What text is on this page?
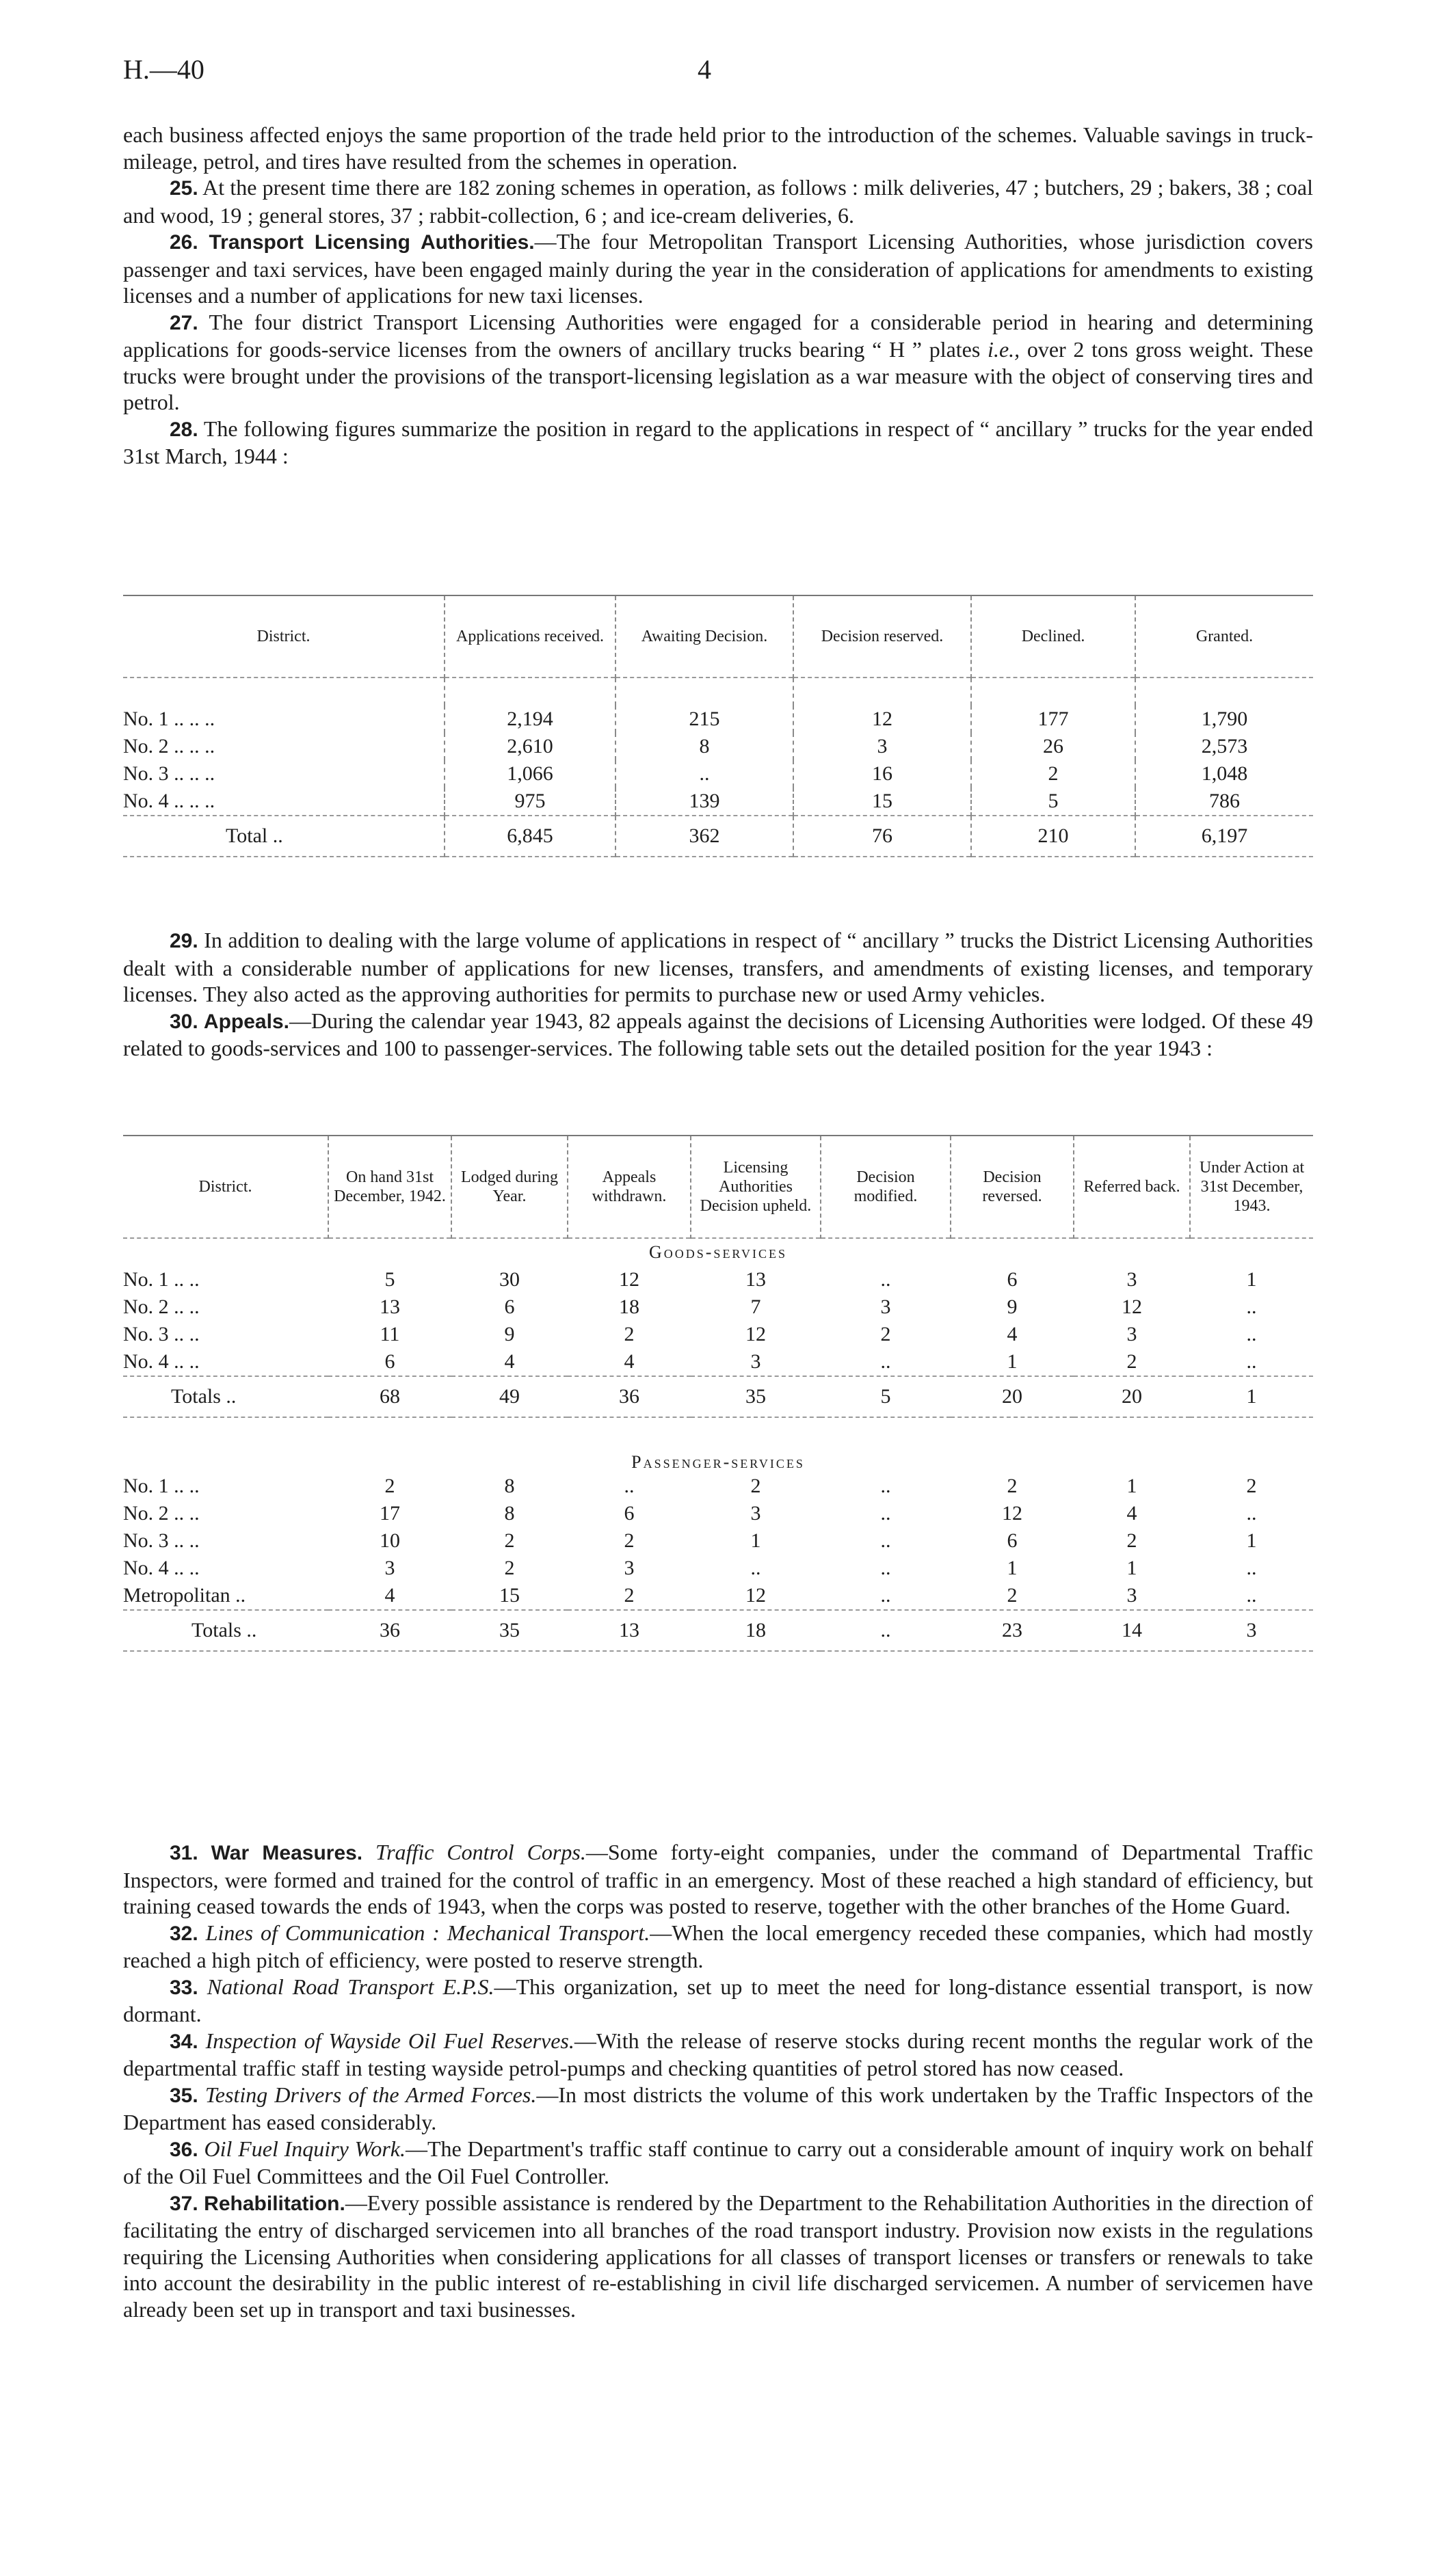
H.—40	4

each business affected enjoys the same proportion of the trade held prior to the introduction of the schemes. Valuable savings in truck-mileage, petrol, and tires have resulted from the schemes in operation.

25. At the present time there are 182 zoning schemes in operation, as follows : milk deliveries, 47 ; butchers, 29 ; bakers, 38 ; coal and wood, 19 ; general stores, 37 ; rabbit-collection, 6 ; and ice-cream deliveries, 6.

26. Transport Licensing Authorities.—The four Metropolitan Transport Licensing Authorities, whose jurisdiction covers passenger and taxi services, have been engaged mainly during the year in the consideration of applications for amendments to existing licenses and a number of applications for new taxi licenses.

27. The four district Transport Licensing Authorities were engaged for a considerable period in hearing and determining applications for goods-service licenses from the owners of ancillary trucks bearing “ H ” plates i.e., over 2 tons gross weight. These trucks were brought under the provisions of the transport-licensing legislation as a war measure with the object of conserving tires and petrol.

28. The following figures summarize the position in regard to the applications in respect of “ ancillary ” trucks for the year ended 31st March, 1944 :

District.	Applications received.	Awaiting Decision.	Decision reserved.	Declined.	Granted.

No. 1 .. .. ..	2,194	215	12	177	1,790
No. 2 .. .. ..	2,610	8	3	26	2,573
No. 3 .. .. ..	1,066	..	16	2	1,048
No. 4 .. .. ..	975	139	15	5	786
Total ..	6,845	362	76	210	6,197

29. In addition to dealing with the large volume of applications in respect of “ ancillary ” trucks the District Licensing Authorities dealt with a considerable number of applications for new licenses, transfers, and amendments of existing licenses, and temporary licenses. They also acted as the approving authorities for permits to purchase new or used Army vehicles.

30. Appeals.—During the calendar year 1943, 82 appeals against the decisions of Licensing Authorities were lodged. Of these 49 related to goods-services and 100 to passenger-services. The following table sets out the detailed position for the year 1943 :

District.	On hand 31st December, 1942.	Lodged during Year.	Appeals withdrawn.	Licensing Authorities Decision upheld.	Decision modified.	Decision reversed.	Referred back.	Under Action at 31st December, 1943.
Goods-services								
No. 1 .. ..	5	30	12	13	..	6	3	1
No. 2 .. ..	13	6	18	7	3	9	12	..
No. 3 .. ..	11	9	2	12	2	4	3	..
No. 4 .. ..	6	4	4	3	..	1	2	..
Totals ..	68	49	36	35	5	20	20	1
Passenger-services								
No. 1 .. ..	2	8	..	2	..	2	1	2
No. 2 .. ..	17	8	6	3	..	12	4	..
No. 3 .. ..	10	2	2	1	..	6	2	1
No. 4 .. ..	3	2	3	..	..	1	1	..
Metropolitan ..	4	15	2	12	..	2	3	..
Totals ..	36	35	13	18	..	23	14	3

31. War Measures. Traffic Control Corps.—Some forty-eight companies, under the command of Departmental Traffic Inspectors, were formed and trained for the control of traffic in an emergency. Most of these reached a high standard of efficiency, but training ceased towards the ends of 1943, when the corps was posted to reserve, together with the other branches of the Home Guard.

32. Lines of Communication : Mechanical Transport.—When the local emergency receded these companies, which had mostly reached a high pitch of efficiency, were posted to reserve strength.

33. National Road Transport E.P.S.—This organization, set up to meet the need for long-distance essential transport, is now dormant.

34. Inspection of Wayside Oil Fuel Reserves.—With the release of reserve stocks during recent months the regular work of the departmental traffic staff in testing wayside petrol-pumps and checking quantities of petrol stored has now ceased.

35. Testing Drivers of the Armed Forces.—In most districts the volume of this work undertaken by the Traffic Inspectors of the Department has eased considerably.

36. Oil Fuel Inquiry Work.—The Department's traffic staff continue to carry out a considerable amount of inquiry work on behalf of the Oil Fuel Committees and the Oil Fuel Controller.

37. Rehabilitation.—Every possible assistance is rendered by the Department to the Rehabilitation Authorities in the direction of facilitating the entry of discharged servicemen into all branches of the road transport industry. Provision now exists in the regulations requiring the Licensing Authorities when considering applications for all classes of transport licenses or transfers or renewals to take into account the desirability in the public interest of re-establishing in civil life discharged servicemen. A number of servicemen have already been set up in transport and taxi businesses.
